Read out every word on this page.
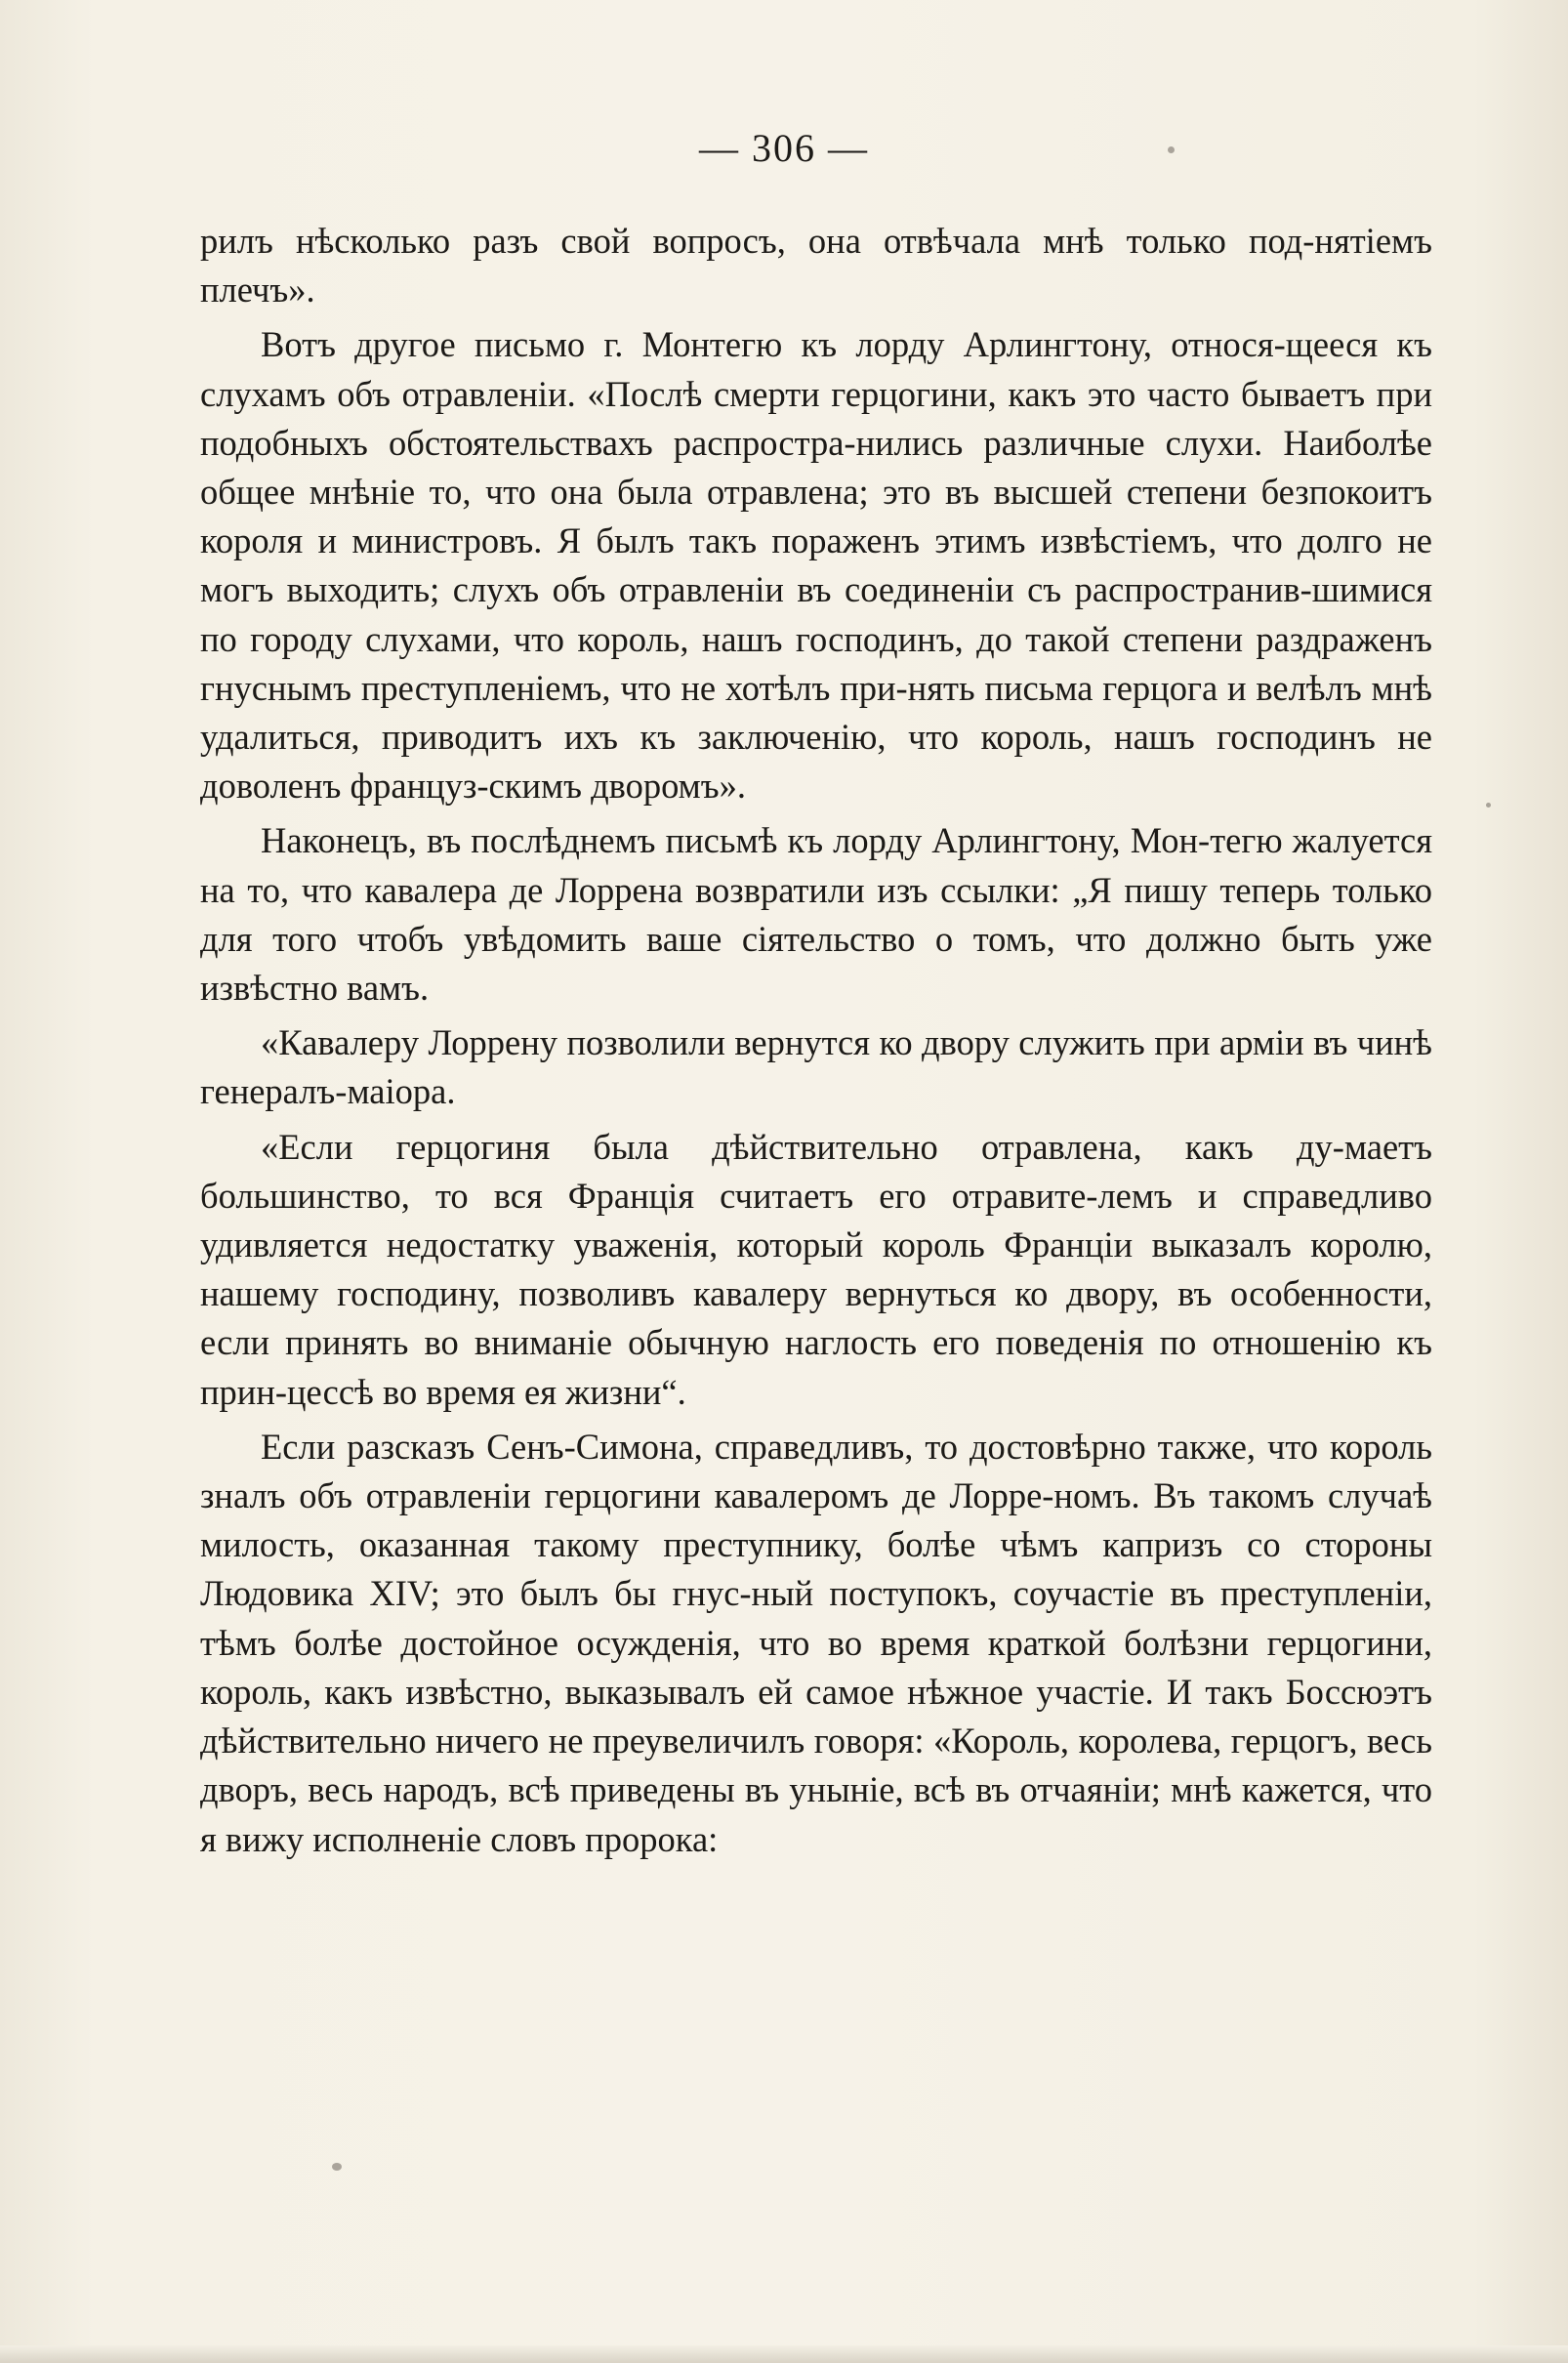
— 306 —

рилъ нѣсколько разъ свой вопросъ, она отвѣчала мнѣ только под-нятіемъ плечъ».

Вотъ другое письмо г. Монтегю къ лорду Арлингтону, относя-щееся къ слухамъ объ отравленіи. «Послѣ смерти герцогини, какъ это часто бываетъ при подобныхъ обстоятельствахъ распростра-нились различные слухи. Наиболѣе общее мнѣніе то, что она была отравлена; это въ высшей степени безпокоитъ короля и министровъ. Я былъ такъ пораженъ этимъ извѣстіемъ, что долго не могъ выходить; слухъ объ отравленіи въ соединеніи съ распространив-шимися по городу слухами, что король, нашъ господинъ, до такой степени раздраженъ гнуснымъ преступленіемъ, что не хотѣлъ при-нять письма герцога и велѣлъ мнѣ удалиться, приводитъ ихъ къ заключенію, что король, нашъ господинъ не доволенъ француз-скимъ дворомъ».

Наконецъ, въ послѣднемъ письмѣ къ лорду Арлингтону, Мон-тегю жалуется на то, что кавалера де Лоррена возвратили изъ ссылки: „Я пишу теперь только для того чтобъ увѣдомить ваше сіятельство о томъ, что должно быть уже извѣстно вамъ.

«Кавалеру Лоррену позволили вернутся ко двору служить при арміи въ чинѣ генералъ-маіора.

«Если герцогиня была дѣйствительно отравлена, какъ ду-маетъ большинство, то вся Франція считаетъ его отравите-лемъ и справедливо удивляется недостатку уваженія, который король Франціи выказалъ королю, нашему господину, позволивъ кавалеру вернуться ко двору, въ особенности, если принять во вниманіе обычную наглость его поведенія по отношенію къ прин-цессѣ во время ея жизни“.

Если разсказъ Сенъ-Симона, справедливъ, то достовѣрно также, что король зналъ объ отравленіи герцогини кавалеромъ де Лорре-номъ. Въ такомъ случаѣ милость, оказанная такому преступнику, болѣе чѣмъ капризъ со стороны Людовика XIV; это былъ бы гнус-ный поступокъ, соучастіе въ преступленіи, тѣмъ болѣе достойное осужденія, что во время краткой болѣзни герцогини, король, какъ извѣстно, выказывалъ ей самое нѣжное участіе. И такъ Боссюэтъ дѣйствительно ничего не преувеличилъ говоря: «Король, королева, герцогъ, весь дворъ, весь народъ, всѣ приведены въ уныніе, всѣ въ отчаяніи; мнѣ кажется, что я вижу исполненіе словъ пророка:
